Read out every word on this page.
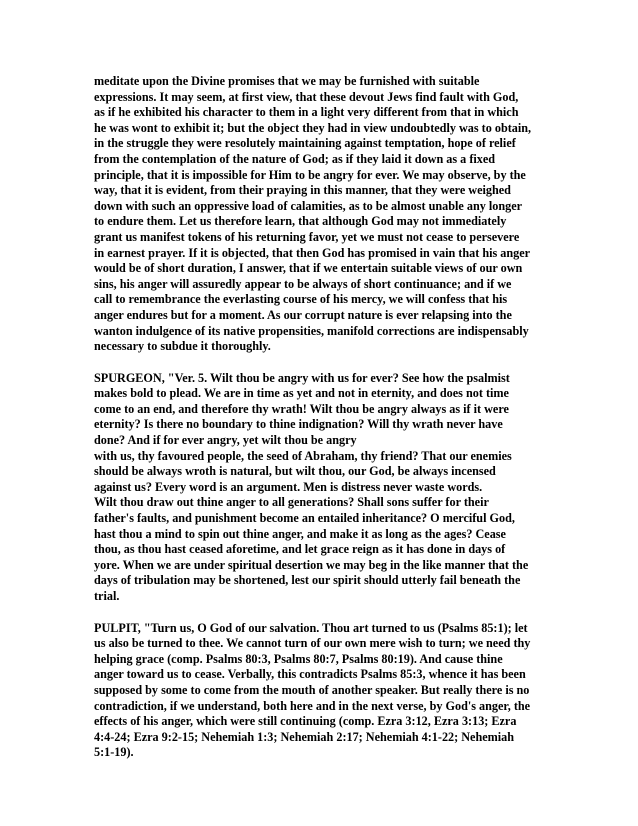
meditate upon the Divine promises that we may be furnished with suitable
expressions. It may seem, at first view, that these devout Jews find fault with God,
as if he exhibited his character to them in a light very different from that in which
he was wont to exhibit it; but the object they had in view undoubtedly was to obtain,
in the struggle they were resolutely maintaining against temptation, hope of relief
from the contemplation of the nature of God; as if they laid it down as a fixed
principle, that it is impossible for Him to be angry for ever. We may observe, by the
way, that it is evident, from their praying in this manner, that they were weighed
down with such an oppressive load of calamities, as to be almost unable any longer
to endure them. Let us therefore learn, that although God may not immediately
grant us manifest tokens of his returning favor, yet we must not cease to persevere
in earnest prayer. If it is objected, that then God has promised in vain that his anger
would be of short duration, I answer, that if we entertain suitable views of our own
sins, his anger will assuredly appear to be always of short continuance; and if we
call to remembrance the everlasting course of his mercy, we will confess that his
anger endures but for a moment. As our corrupt nature is ever relapsing into the
wanton indulgence of its native propensities, manifold corrections are indispensably
necessary to subdue it thoroughly.

SPURGEON, "Ver. 5. Wilt thou be angry with us for ever? See how the psalmist
makes bold to plead. We are in time as yet and not in eternity, and does not time
come to an end, and therefore thy wrath! Wilt thou be angry always as if it were
eternity? Is there no boundary to thine indignation? Will thy wrath never have
done? And if for ever angry, yet wilt thou be angry
with us, thy favoured people, the seed of Abraham, thy friend? That our enemies
should be always wroth is natural, but wilt thou, our God, be always incensed
against us? Every word is an argument. Men is distress never waste words.
Wilt thou draw out thine anger to all generations? Shall sons suffer for their
father's faults, and punishment become an entailed inheritance? O merciful God,
hast thou a mind to spin out thine anger, and make it as long as the ages? Cease
thou, as thou hast ceased aforetime, and let grace reign as it has done in days of
yore. When we are under spiritual desertion we may beg in the like manner that the
days of tribulation may be shortened, lest our spirit should utterly fail beneath the
trial.

PULPIT, "Turn us, O God of our salvation. Thou art turned to us (Psalms 85:1); let
us also be turned to thee. We cannot turn of our own mere wish to turn; we need thy
helping grace (comp. Psalms 80:3, Psalms 80:7, Psalms 80:19). And cause thine
anger toward us to cease. Verbally, this contradicts Psalms 85:3, whence it has been
supposed by some to come from the mouth of another speaker. But really there is no
contradiction, if we understand, both here and in the next verse, by God's anger, the
effects of his anger, which were still continuing (comp. Ezra 3:12, Ezra 3:13; Ezra
4:4-24; Ezra 9:2-15; Nehemiah 1:3; Nehemiah 2:17; Nehemiah 4:1-22; Nehemiah
5:1-19).
